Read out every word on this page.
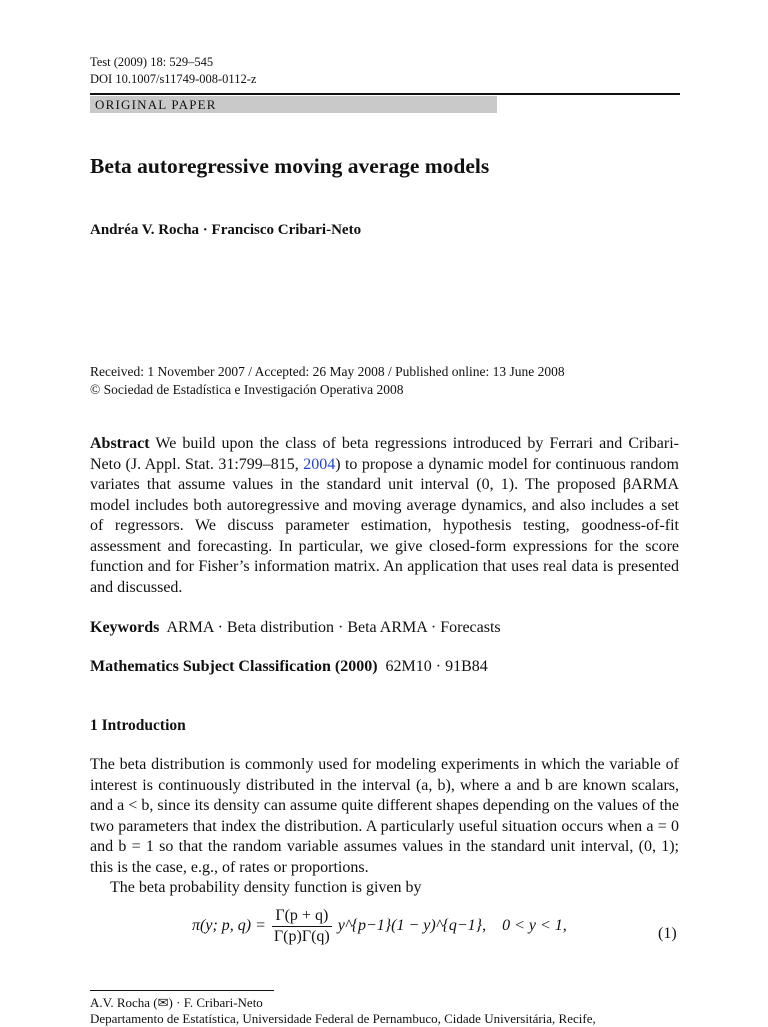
Test (2009) 18: 529–545
DOI 10.1007/s11749-008-0112-z
ORIGINAL PAPER
Beta autoregressive moving average models
Andréa V. Rocha · Francisco Cribari-Neto
Received: 1 November 2007 / Accepted: 26 May 2008 / Published online: 13 June 2008
© Sociedad de Estadística e Investigación Operativa 2008
Abstract We build upon the class of beta regressions introduced by Ferrari and Cribari-Neto (J. Appl. Stat. 31:799–815, 2004) to propose a dynamic model for continuous random variates that assume values in the standard unit interval (0, 1). The proposed βARMA model includes both autoregressive and moving average dynamics, and also includes a set of regressors. We discuss parameter estimation, hypothesis testing, goodness-of-fit assessment and forecasting. In particular, we give closed-form expressions for the score function and for Fisher’s information matrix. An application that uses real data is presented and discussed.
Keywords ARMA · Beta distribution · Beta ARMA · Forecasts
Mathematics Subject Classification (2000) 62M10 · 91B84
1 Introduction
The beta distribution is commonly used for modeling experiments in which the variable of interest is continuously distributed in the interval (a, b), where a and b are known scalars, and a < b, since its density can assume quite different shapes depending on the values of the two parameters that index the distribution. A particularly useful situation occurs when a = 0 and b = 1 so that the random variable assumes values in the standard unit interval, (0, 1); this is the case, e.g., of rates or proportions.
The beta probability density function is given by
π(y; p, $q) = \frac{\Gamma(p + q)}{\Gamma(p)\Gamma(q)}$ y^{p−1}(1 − y)^{q−1}, 0 < y < 1,	(1)
A.V. Rocha (✉) · F. Cribari-Neto
Departamento de Estatística, Universidade Federal de Pernambuco, Cidade Universitária, Recife,
